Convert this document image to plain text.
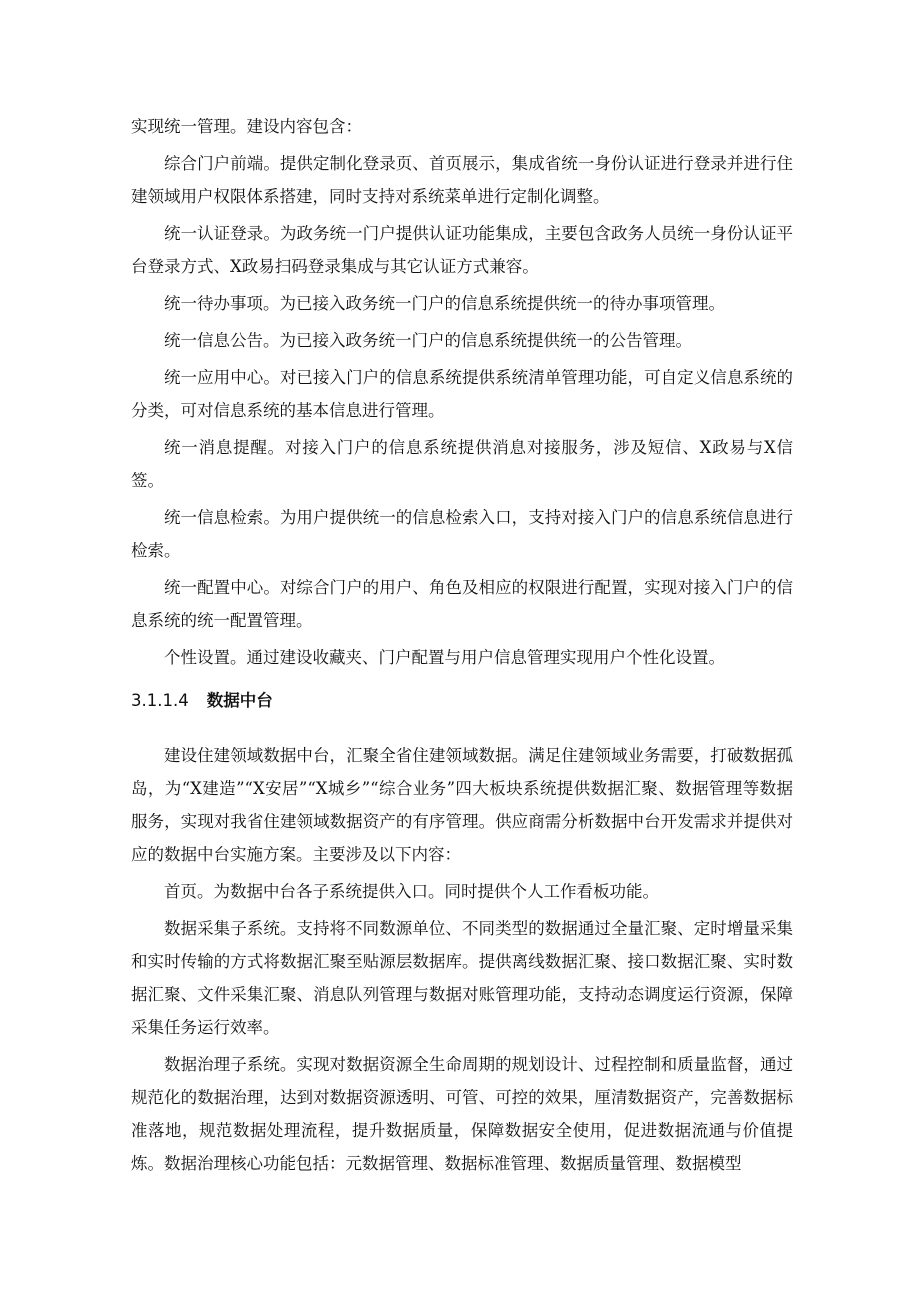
实现统一管理。建设内容包含：

综合门户前端。提供定制化登录页、首页展示，集成省统一身份认证进行登录并进行住建领域用户权限体系搭建，同时支持对系统菜单进行定制化调整。

统一认证登录。为政务统一门户提供认证功能集成，主要包含政务人员统一身份认证平台登录方式、X政易扫码登录集成与其它认证方式兼容。

统一待办事项。为已接入政务统一门户的信息系统提供统一的待办事项管理。

统一信息公告。为已接入政务统一门户的信息系统提供统一的公告管理。

统一应用中心。对已接入门户的信息系统提供系统清单管理功能，可自定义信息系统的分类，可对信息系统的基本信息进行管理。

统一消息提醒。对接入门户的信息系统提供消息对接服务，涉及短信、X政易与X信签。

统一信息检索。为用户提供统一的信息检索入口，支持对接入门户的信息系统信息进行检索。

统一配置中心。对综合门户的用户、角色及相应的权限进行配置，实现对接入门户的信息系统的统一配置管理。

个性设置。通过建设收藏夹、门户配置与用户信息管理实现用户个性化设置。

3.1.1.4 数据中台

建设住建领域数据中台，汇聚全省住建领域数据。满足住建领域业务需要，打破数据孤岛，为“X建造”“X安居”“X城乡”“综合业务”四大板块系统提供数据汇聚、数据管理等数据服务，实现对我省住建领域数据资产的有序管理。供应商需分析数据中台开发需求并提供对应的数据中台实施方案。主要涉及以下内容：

首页。为数据中台各子系统提供入口。同时提供个人工作看板功能。

数据采集子系统。支持将不同数源单位、不同类型的数据通过全量汇聚、定时增量采集和实时传输的方式将数据汇聚至贴源层数据库。提供离线数据汇聚、接口数据汇聚、实时数据汇聚、文件采集汇聚、消息队列管理与数据对账管理功能，支持动态调度运行资源，保障采集任务运行效率。

数据治理子系统。实现对数据资源全生命周期的规划设计、过程控制和质量监督，通过规范化的数据治理，达到对数据资源透明、可管、可控的效果，厘清数据资产，完善数据标准落地，规范数据处理流程，提升数据质量，保障数据安全使用，促进数据流通与价值提炼。数据治理核心功能包括：元数据管理、数据标准管理、数据质量管理、数据模型
